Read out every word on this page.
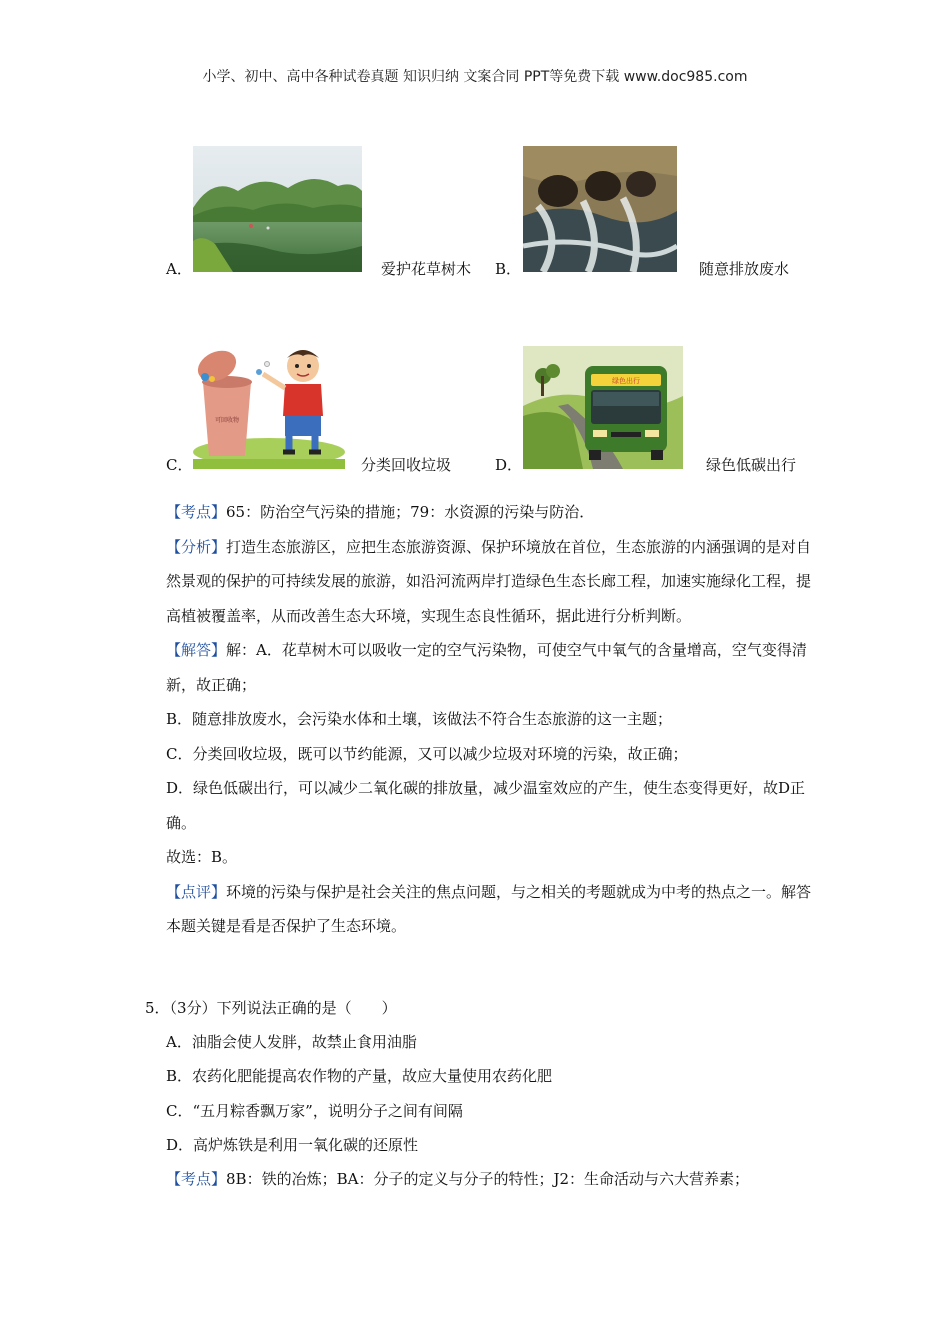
小学、初中、高中各种试卷真题 知识归纳 文案合同 PPT等免费下载 www.doc985.com
A．	爱护花草树木 B．	随意排放废水
C．
可回收物
分类回收垃圾	D．
绿色出行
绿色低碳出行

【考点】65：防治空气污染的措施；79：水资源的污染与防治．

【分析】打造生态旅游区，应把生态旅游资源、保护环境放在首位，生态旅游的内涵强调的是对自然景观的保护的可持续发展的旅游，如沿河流两岸打造绿色生态长廊工程，加速实施绿化工程，提高植被覆盖率，从而改善生态大环境，实现生态良性循环，据此进行分析判断。

【解答】解：A．花草树木可以吸收一定的空气污染物，可使空气中氧气的含量增高，空气变得清新，故正确；

B．随意排放废水，会污染水体和土壤，该做法不符合生态旅游的这一主题；

C．分类回收垃圾，既可以节约能源，又可以减少垃圾对环境的污染，故正确；

D．绿色低碳出行，可以减少二氧化碳的排放量，减少温室效应的产生，使生态变得更好，故D正确。

故选：B。

【点评】环境的污染与保护是社会关注的焦点问题，与之相关的考题就成为中考的热点之一。解答本题关键是看是否保护了生态环境。

5．（3分）下列说法正确的是（　　）
A．油脂会使人发胖，故禁止食用油脂
B．农药化肥能提高农作物的产量，故应大量使用农药化肥
C．“五月粽香飘万家”，说明分子之间有间隔
D．高炉炼铁是利用一氧化碳的还原性
【考点】8B：铁的冶炼；BA：分子的定义与分子的特性；J2：生命活动与六大营养素；
